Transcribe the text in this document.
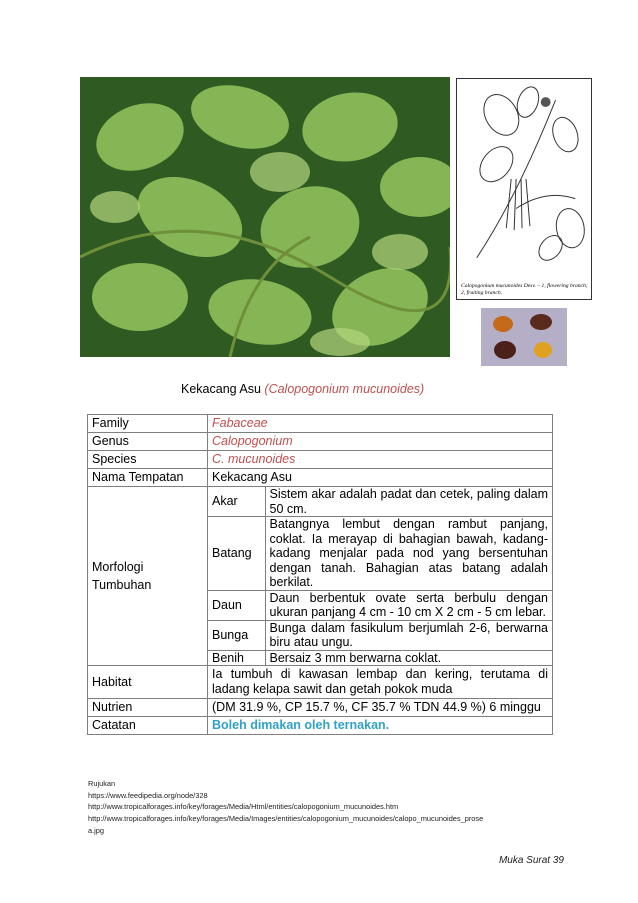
Calopogonium mucunoides Desv. – 1, flowering branch; 2, fruiting branch.
Kekacang Asu (Calopogonium mucunoides)
Family	Fabaceae
Genus	Calopogonium
Species	C. mucunoides
Nama Tempatan	Kekacang Asu

Morfologi
Tumbuhan

Akar	Sistem akar adalah padat dan cetek, paling dalam 50 cm.
Batang	Batangnya lembut dengan rambut panjang, coklat. Ia merayap di bahagian bawah, kadang-kadang menjalar pada nod yang bersentuhan dengan tanah. Bahagian atas batang adalah berkilat.
Daun	Daun berbentuk ovate serta berbulu dengan ukuran panjang 4 cm - 10 cm X 2 cm - 5 cm lebar.
Bunga	Bunga dalam fasikulum berjumlah 2-6, berwarna biru atau ungu.
Benih	Bersaiz 3 mm berwarna coklat.

Habitat	Ia tumbuh di kawasan lembap dan kering, terutama di ladang kelapa sawit dan getah pokok muda
Nutrien	(DM 31.9 %, CP 15.7 %, CF 35.7 % TDN 44.9 %) 6 minggu
Catatan	Boleh dimakan oleh ternakan.
Rujukan
https://www.feedipedia.org/node/328
http://www.tropicalforages.info/key/forages/Media/Html/entities/calopogonium_mucunoides.htm
http://www.tropicalforages.info/key/forages/Media/Images/entities/calopogonium_mucunoides/calopo_mucunoides_prose
a.jpg
Muka Surat 39
